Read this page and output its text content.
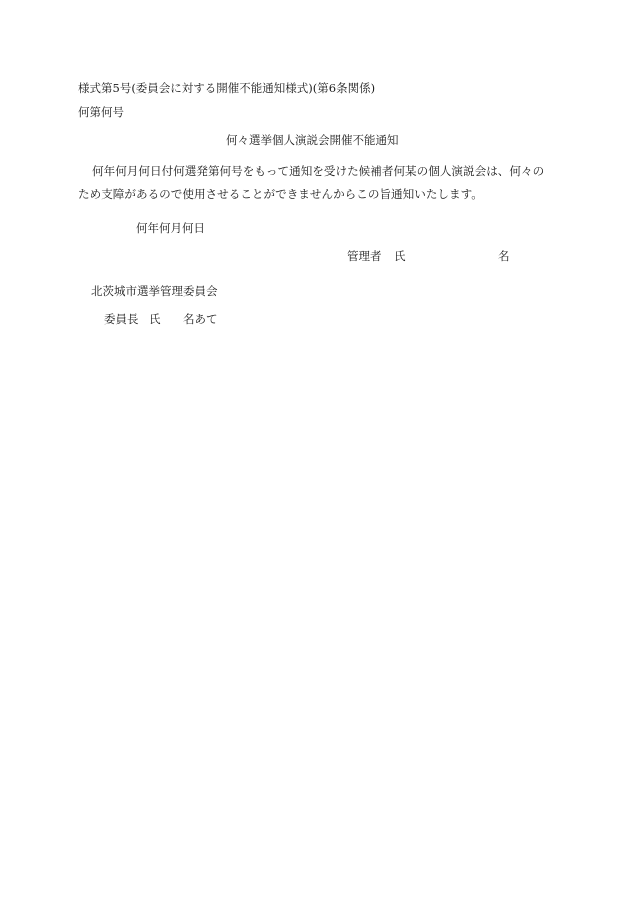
様式第5号(委員会に対する開催不能通知様式)(第6条関係)
何第何号
何々選挙個人演説会開催不能通知
何年何月何日付何選発第何号をもって通知を受けた候補者何某の個人演説会は、何々の
ため支障があるので使用させることができませんからこの旨通知いたします。
何年何月何日
管理者 氏	名
北茨城市選挙管理委員会
委員長 氏 名あて
